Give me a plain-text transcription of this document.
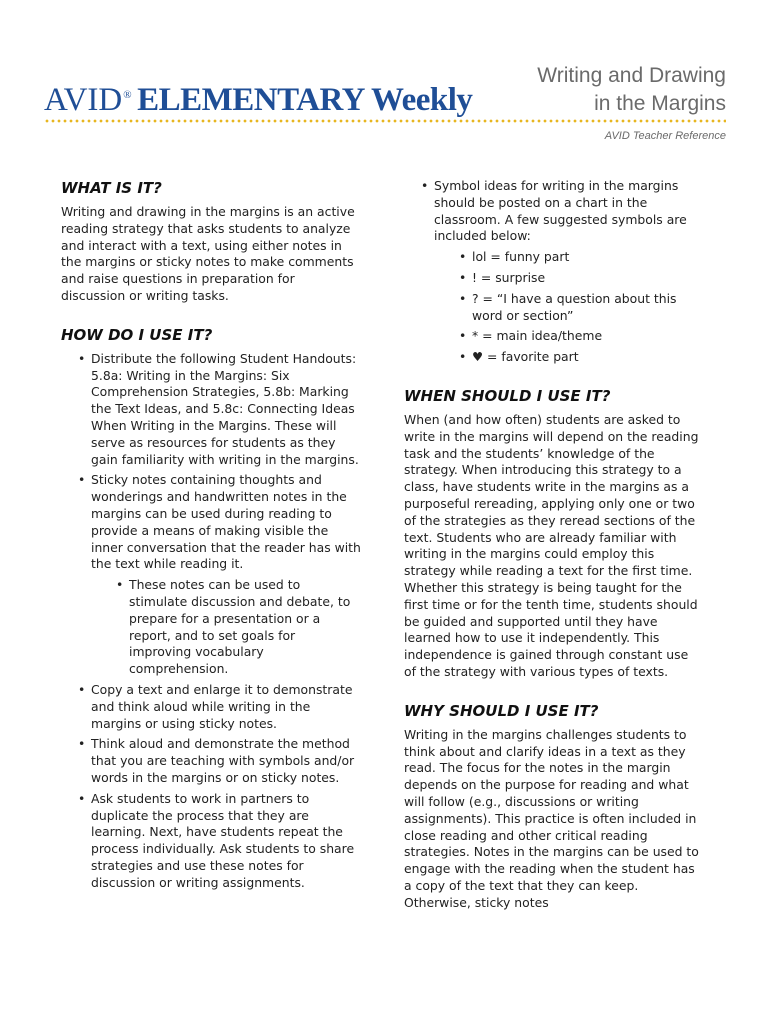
AVID® ELEMENTARY Weekly
Writing and Drawing
in the Margins
AVID Teacher Reference
WHAT IS IT?

Writing and drawing in the margins is an active reading strategy that asks students to analyze and interact with a text, using either notes in the margins or sticky notes to make comments and raise questions in preparation for discussion or writing tasks.

HOW DO I USE IT?
• Distribute the following Student Handouts: 5.8a: Writing in the Margins: Six Comprehension Strategies, 5.8b: Marking the Text Ideas, and 5.8c: Connecting Ideas When Writing in the Margins. These will serve as resources for students as they gain familiarity with writing in the margins.
• Sticky notes containing thoughts and wonderings and handwritten notes in the margins can be used during reading to provide a means of making visible the inner conversation that the reader has with the text while reading it.
• These notes can be used to stimulate discussion and debate, to prepare for a presentation or a report, and to set goals for improving vocabulary comprehension.
• Copy a text and enlarge it to demonstrate and think aloud while writing in the margins or using sticky notes.
• Think aloud and demonstrate the method that you are teaching with symbols and/or words in the margins or on sticky notes.
• Ask students to work in partners to duplicate the process that they are learning. Next, have students repeat the process individually. Ask students to share strategies and use these notes for discussion or writing assignments.
• Symbol ideas for writing in the margins should be posted on a chart in the classroom. A few suggested symbols are included below:
• lol = funny part
• ! = surprise
• ? = “I have a question about this word or section”
• * = main idea/theme
• ♥ = favorite part
WHEN SHOULD I USE IT?

When (and how often) students are asked to write in the margins will depend on the reading task and the students’ knowledge of the strategy. When introducing this strategy to a class, have students write in the margins as a purposeful rereading, applying only one or two of the strategies as they reread sections of the text. Students who are already familiar with writing in the margins could employ this strategy while reading a text for the first time. Whether this strategy is being taught for the first time or for the tenth time, students should be guided and supported until they have learned how to use it independently. This independence is gained through constant use of the strategy with various types of texts.

WHY SHOULD I USE IT?

Writing in the margins challenges students to think about and clarify ideas in a text as they read. The focus for the notes in the margin depends on the purpose for reading and what will follow (e.g., discussions or writing assignments). This practice is often included in close reading and other critical reading strategies. Notes in the margins can be used to engage with the reading when the student has a copy of the text that they can keep. Otherwise, sticky notes
